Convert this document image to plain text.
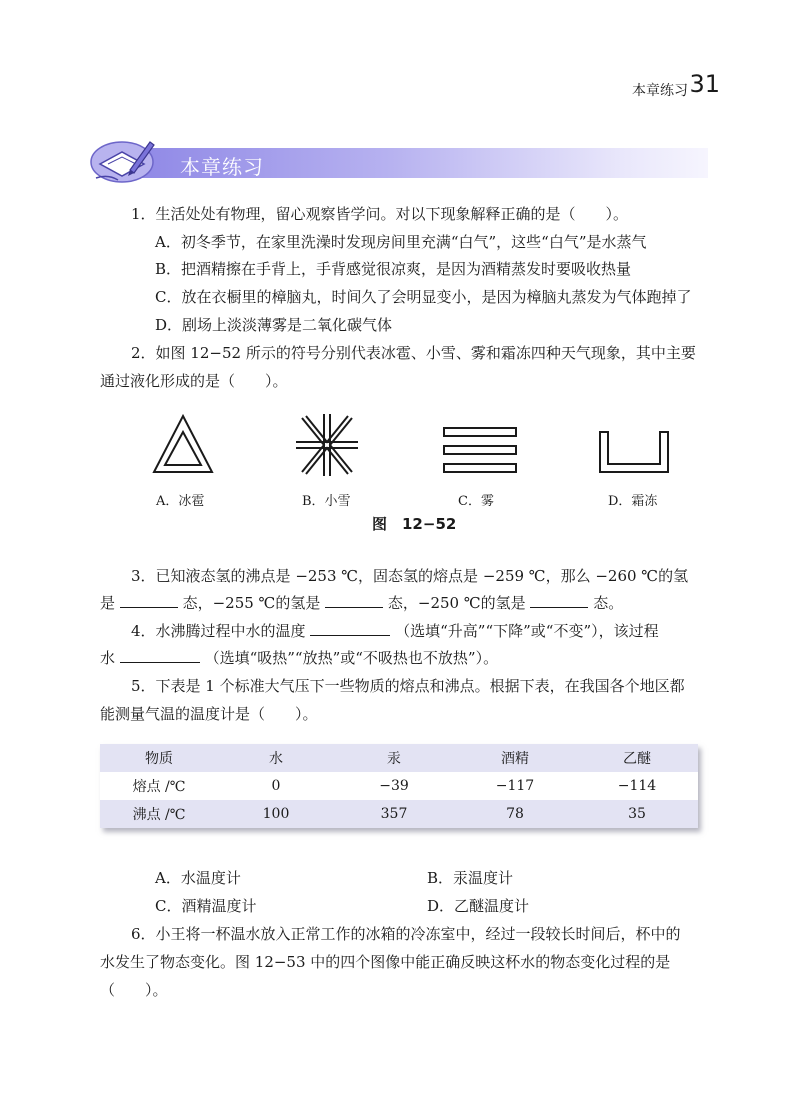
本章练习 31
本章练习
1．生活处处有物理，留心观察皆学问。对以下现象解释正确的是（　　）。
A．初冬季节，在家里洗澡时发现房间里充满“白气”，这些“白气”是水蒸气
B．把酒精擦在手背上，手背感觉很凉爽，是因为酒精蒸发时要吸收热量
C．放在衣橱里的樟脑丸，时间久了会明显变小，是因为樟脑丸蒸发为气体跑掉了
D．剧场上淡淡薄雾是二氧化碳气体
2．如图 12−52 所示的符号分别代表冰雹、小雪、雾和霜冻四种天气现象，其中主要
通过液化形成的是（　　）。
A．冰雹	B．小雪	C．雾	D．霜冻
图　12−52
3．已知液态氢的沸点是 −253 ℃，固态氢的熔点是 −259 ℃，那么 −260 ℃的氢
是	态，−255 ℃的氢是	态，−250 ℃的氢是	态。
4．水沸腾过程中水的温度	（选填“升高”“下降”或“不变”），该过程
水	（选填“吸热”“放热”或“不吸热也不放热”）。
5．下表是 1 个标准大气压下一些物质的熔点和沸点。根据下表，在我国各个地区都
能测量气温的温度计是（　　）。
物质	水	汞	酒精	乙醚
熔点 /℃	0	−39	−117	−114
沸点 /℃	100	357	78	35
A．水温度计	B．汞温度计
C．酒精温度计	D．乙醚温度计
6．小王将一杯温水放入正常工作的冰箱的冷冻室中，经过一段较长时间后，杯中的
水发生了物态变化。图 12−53 中的四个图像中能正确反映这杯水的物态变化过程的是
（　　）。
